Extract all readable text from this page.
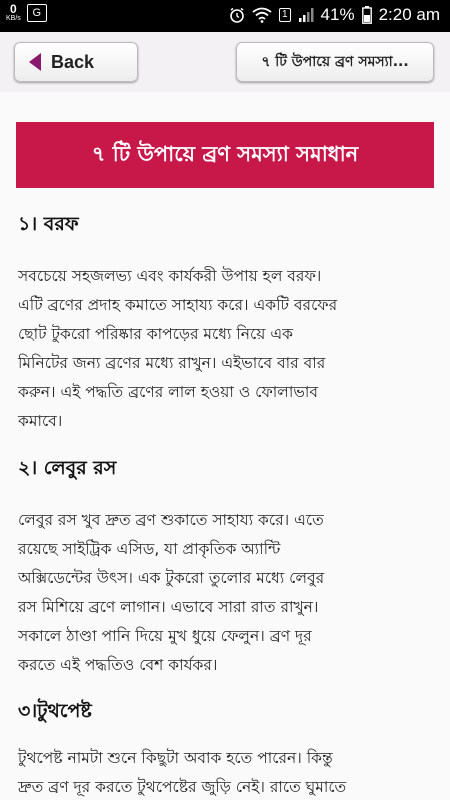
0
KB/s G	1 41% 2:20 am
Back	৭ টি উপায়ে ব্রণ সমস্যা...
৭ টি উপায়ে ব্রণ সমস্যা সমাধান
১। বরফ
সবচেয়ে সহজলভ্য এবং কার্যকরী উপায় হল বরফ।
এটি ব্রণের প্রদাহ কমাতে সাহায্য করে। একটি বরফের
ছোট টুকরো পরিষ্কার কাপড়ের মধ্যে নিয়ে এক
মিনিটের জন্য ব্রণের মধ্যে রাখুন। এইভাবে বার বার
করুন। এই পদ্ধতি ব্রণের লাল হওয়া ও ফোলাভাব
কমাবে।
২। লেবুর রস
লেবুর রস খুব দ্রুত ব্রণ শুকাতে সাহায্য করে। এতে
রয়েছে সাইট্রিক এসিড, যা প্রাকৃতিক অ্যান্টি
অক্সিডেন্টের উৎস। এক টুকরো তুলোর মধ্যে লেবুর
রস মিশিয়ে ব্রণে লাগান। এভাবে সারা রাত রাখুন।
সকালে ঠাণ্ডা পানি দিয়ে মুখ ধুয়ে ফেলুন। ব্রণ দূর
করতে এই পদ্ধতিও বেশ কার্যকর।
৩।টুথপেষ্ট
টুথপেষ্ট নামটা শুনে কিছুটা অবাক হতে পারেন। কিন্তু
দ্রুত ব্রণ দূর করতে টুথপেষ্টের জুড়ি নেই। রাতে ঘুমাতে
